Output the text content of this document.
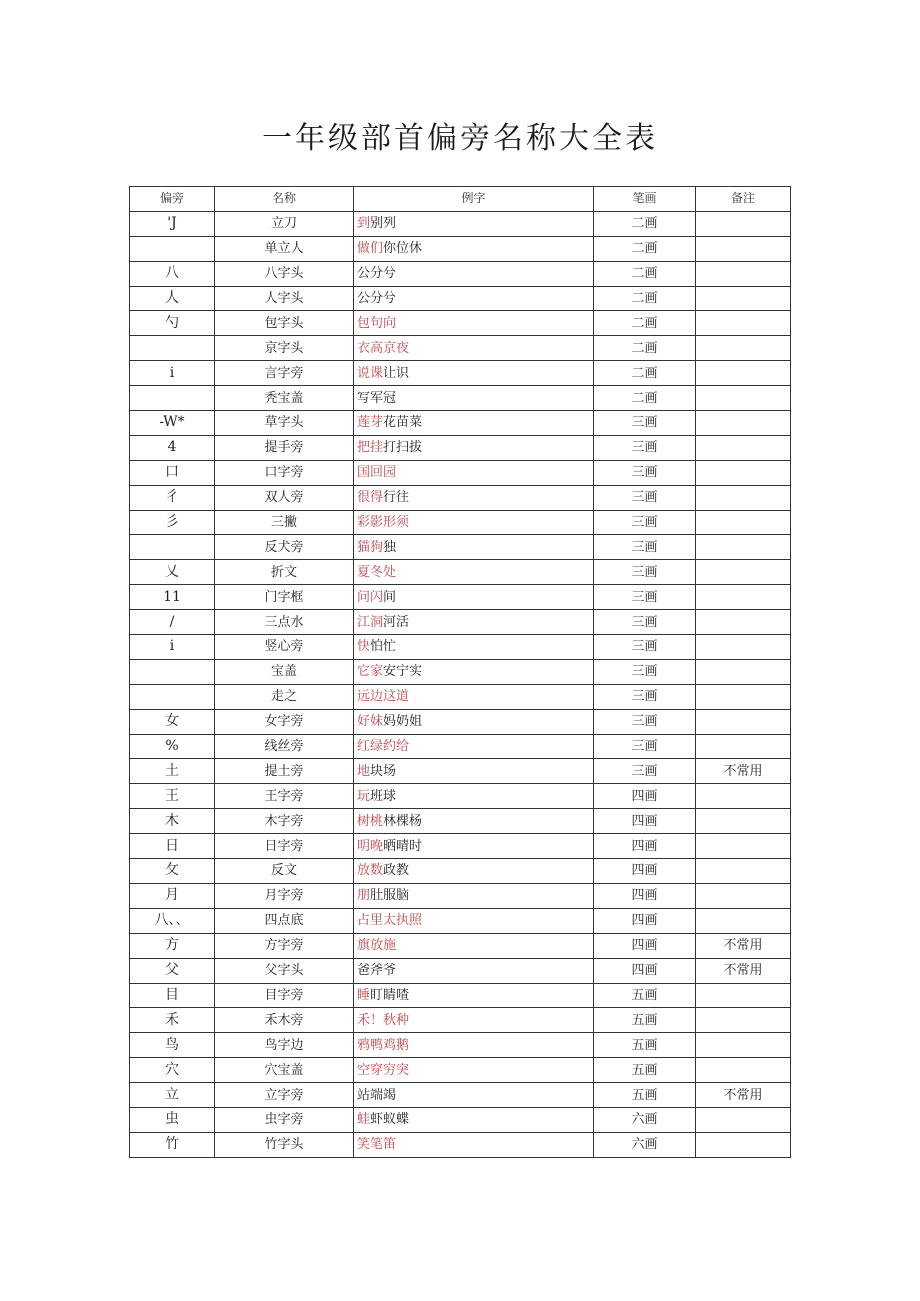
一年级部首偏旁名称大全表
偏旁	名称	例字	笔画	备注
'J	立刀	到别列	二画	
	单立人	做们你位休	二画	
八	八字头	公分兮	二画	
人	人字头	公分兮	二画	
勺	包字头	包句向	二画	
	京字头	衣高京夜	二画	
i	言字旁	说课让识	二画	
	秃宝盖	写军冠	二画	
-W*	草字头	莲芽花苗菜	三画	
4	提手旁	把挂打扫拔	三画	
口	口字旁	国回园	三画	
彳	双人旁	很得行往	三画	
彡	三撇	彩影形须	三画	
	反犬旁	猫狗独	三画	
乂	折文	夏冬处	三画	
11	门字框	问闪间	三画	
/	三点水	江洞河活	三画	
i	竖心旁	快怕忙	三画	
	宝盖	它家安宁实	三画	
	走之	远边这道	三画	
女	女字旁	好妹妈奶姐	三画	
%	线丝旁	红绿约给	三画	
土	提土旁	地块场	三画	不常用
王	王字旁	玩班球	四画	
木	木字旁	树桃林棵杨	四画	
日	日字旁	明晚晒晴时	四画	
攵	反文	放数政教	四画	
月	月字旁	朋肚服脑	四画	
八、、	四点底	占里太执照	四画	
方	方字旁	旗放施	四画	不常用
父	父字头	爸斧爷	四画	不常用
目	目字旁	睡盯睛喳	五画	
禾	禾木旁	禾！秋种	五画	
鸟	鸟字边	鸦鸭鸡鹅	五画	
穴	穴宝盖	空穿穷突	五画	
立	立字旁	站端竭	五画	不常用
虫	虫字旁	蛙虾蚁蝶	六画	
竹	竹字头	笑笔笛	六画	
